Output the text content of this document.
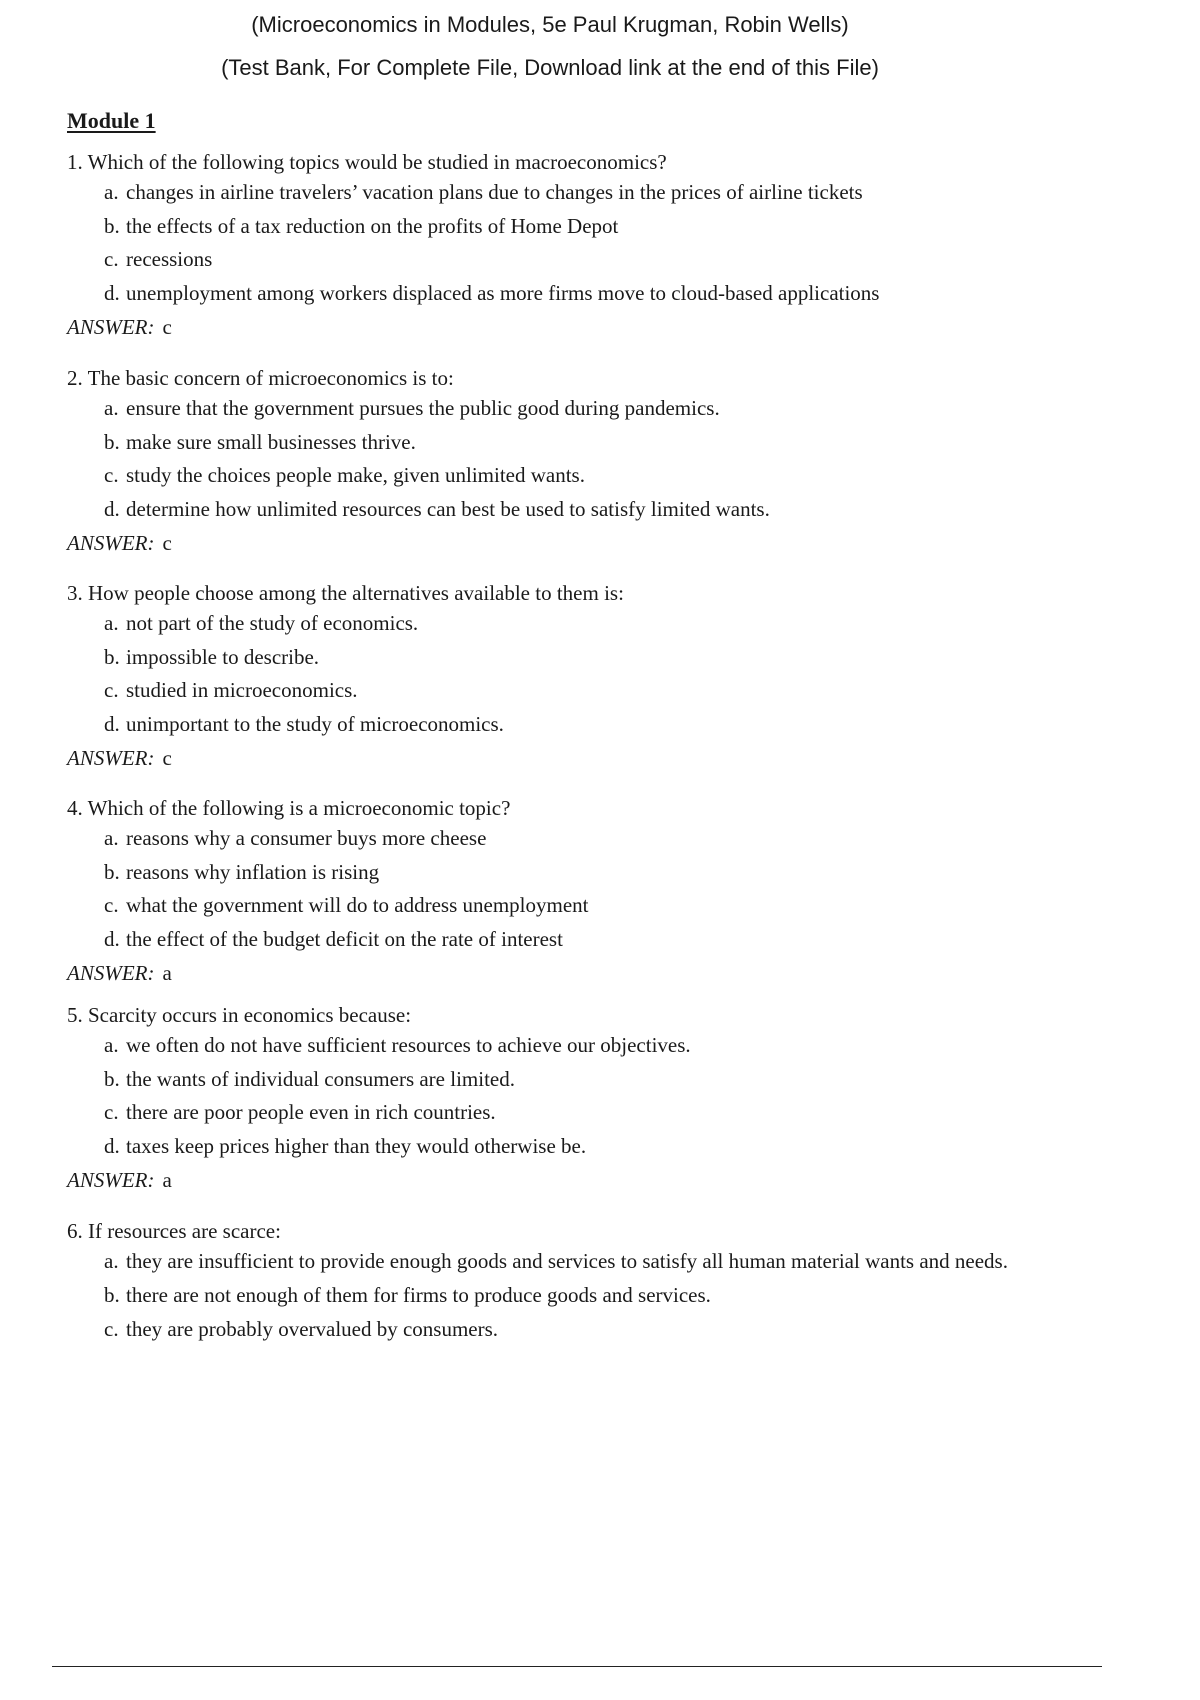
(Microeconomics in Modules, 5e Paul Krugman, Robin Wells)
(Test Bank, For Complete File, Download link at the end of this File)
Module 1
1. Which of the following topics would be studied in macroeconomics?
a. changes in airline travelers’ vacation plans due to changes in the prices of airline tickets
b. the effects of a tax reduction on the profits of Home Depot
c. recessions
d. unemployment among workers displaced as more firms move to cloud-based applications
ANSWER: c
2. The basic concern of microeconomics is to:
a. ensure that the government pursues the public good during pandemics.
b. make sure small businesses thrive.
c. study the choices people make, given unlimited wants.
d. determine how unlimited resources can best be used to satisfy limited wants.
ANSWER: c
3. How people choose among the alternatives available to them is:
a. not part of the study of economics.
b. impossible to describe.
c. studied in microeconomics.
d. unimportant to the study of microeconomics.
ANSWER: c
4. Which of the following is a microeconomic topic?
a. reasons why a consumer buys more cheese
b. reasons why inflation is rising
c. what the government will do to address unemployment
d. the effect of the budget deficit on the rate of interest
ANSWER: a
5. Scarcity occurs in economics because:
a. we often do not have sufficient resources to achieve our objectives.
b. the wants of individual consumers are limited.
c. there are poor people even in rich countries.
d. taxes keep prices higher than they would otherwise be.
ANSWER: a
6. If resources are scarce:
a. they are insufficient to provide enough goods and services to satisfy all human material wants and needs.
b. there are not enough of them for firms to produce goods and services.
c. they are probably overvalued by consumers.
